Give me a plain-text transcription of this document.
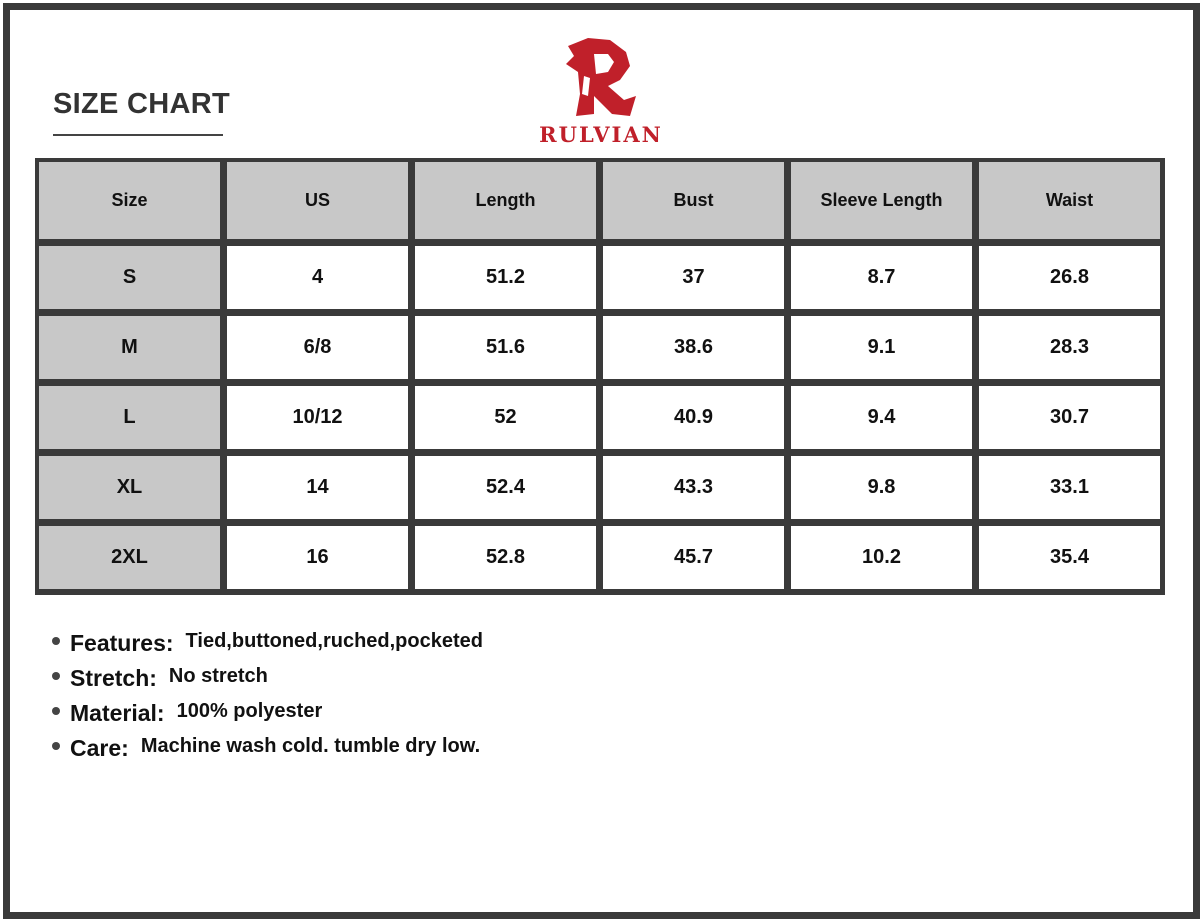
SIZE CHART
RULVIAN
Size	US	Length	Bust	Sleeve Length	Waist
S	4	51.2	37	8.7	26.8
M	6/8	51.6	38.6	9.1	28.3
L	10/12	52	40.9	9.4	30.7
XL	14	52.4	43.3	9.8	33.1
2XL	16	52.8	45.7	10.2	35.4
Features: Tied,buttoned,ruched,pocketed
Stretch: No stretch
Material: 100% polyester
Care: Machine wash cold. tumble dry low.
